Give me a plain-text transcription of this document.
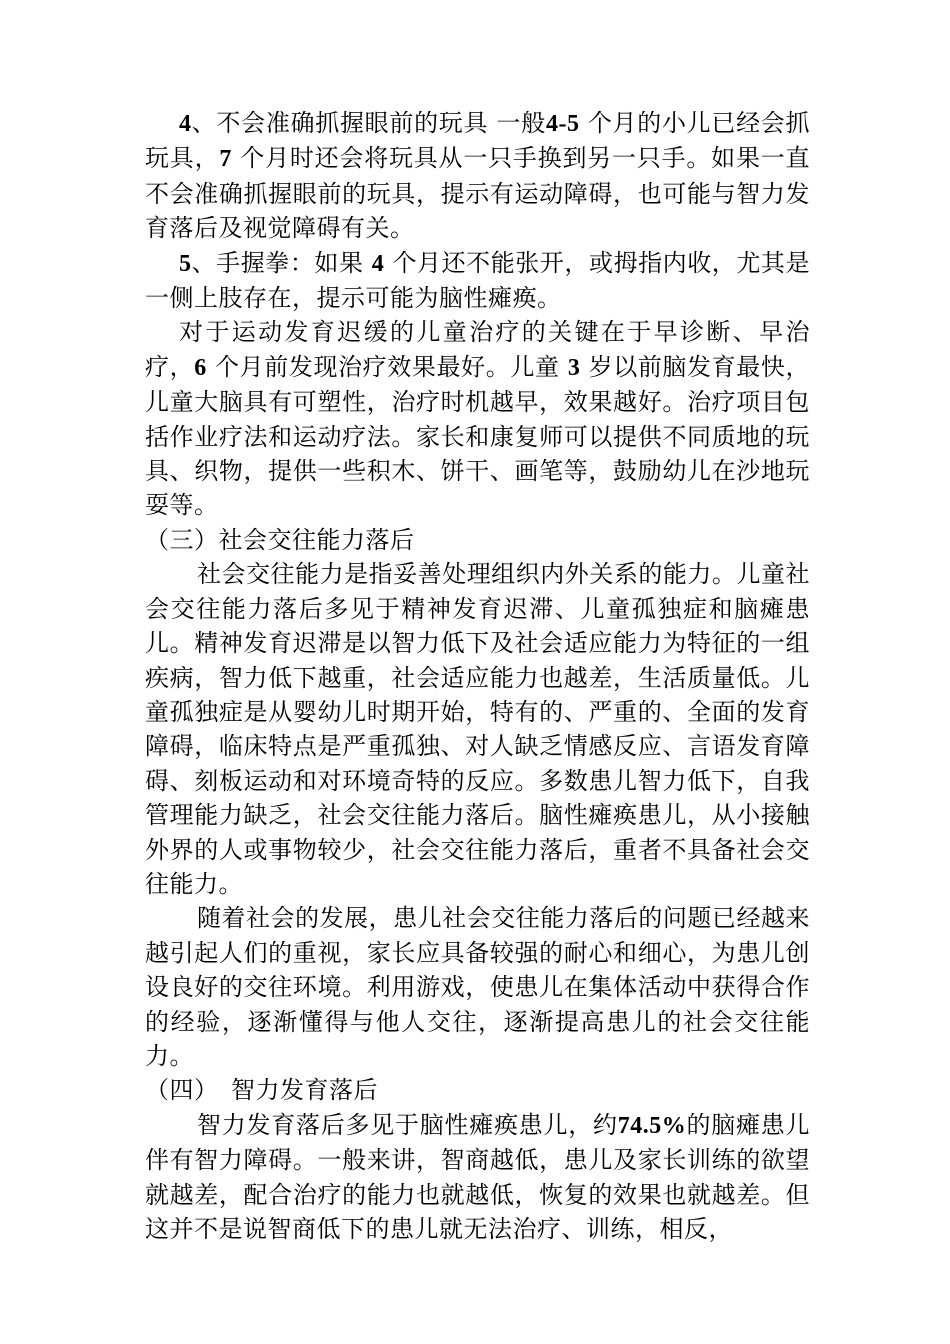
4、不会准确抓握眼前的玩具 一般4-5 个月的小儿已经会抓玩具，7 个月时还会将玩具从一只手换到另一只手。如果一直不会准确抓握眼前的玩具，提示有运动障碍，也可能与智力发育落后及视觉障碍有关。

5、手握拳：如果 4 个月还不能张开，或拇指内收，尤其是一侧上肢存在，提示可能为脑性瘫痪。

对于运动发育迟缓的儿童治疗的关键在于早诊断、早治疗，6 个月前发现治疗效果最好。儿童 3 岁以前脑发育最快，儿童大脑具有可塑性，治疗时机越早，效果越好。治疗项目包括作业疗法和运动疗法。家长和康复师可以提供不同质地的玩具、织物，提供一些积木、饼干、画笔等，鼓励幼儿在沙地玩耍等。

（三）社会交往能力落后

社会交往能力是指妥善处理组织内外关系的能力。儿童社会交往能力落后多见于精神发育迟滞、儿童孤独症和脑瘫患儿。精神发育迟滞是以智力低下及社会适应能力为特征的一组疾病，智力低下越重，社会适应能力也越差，生活质量低。儿童孤独症是从婴幼儿时期开始，特有的、严重的、全面的发育障碍，临床特点是严重孤独、对人缺乏情感反应、言语发育障碍、刻板运动和对环境奇特的反应。多数患儿智力低下，自我管理能力缺乏，社会交往能力落后。脑性瘫痪患儿，从小接触外界的人或事物较少，社会交往能力落后，重者不具备社会交往能力。

随着社会的发展，患儿社会交往能力落后的问题已经越来越引起人们的重视，家长应具备较强的耐心和细心，为患儿创设良好的交往环境。利用游戏，使患儿在集体活动中获得合作的经验，逐渐懂得与他人交往，逐渐提高患儿的社会交往能力。

（四）　智力发育落后

智力发育落后多见于脑性瘫痪患儿，约74.5%的脑瘫患儿伴有智力障碍。一般来讲，智商越低，患儿及家长训练的欲望就越差，配合治疗的能力也就越低，恢复的效果也就越差。但这并不是说智商低下的患儿就无法治疗、训练，相反，
